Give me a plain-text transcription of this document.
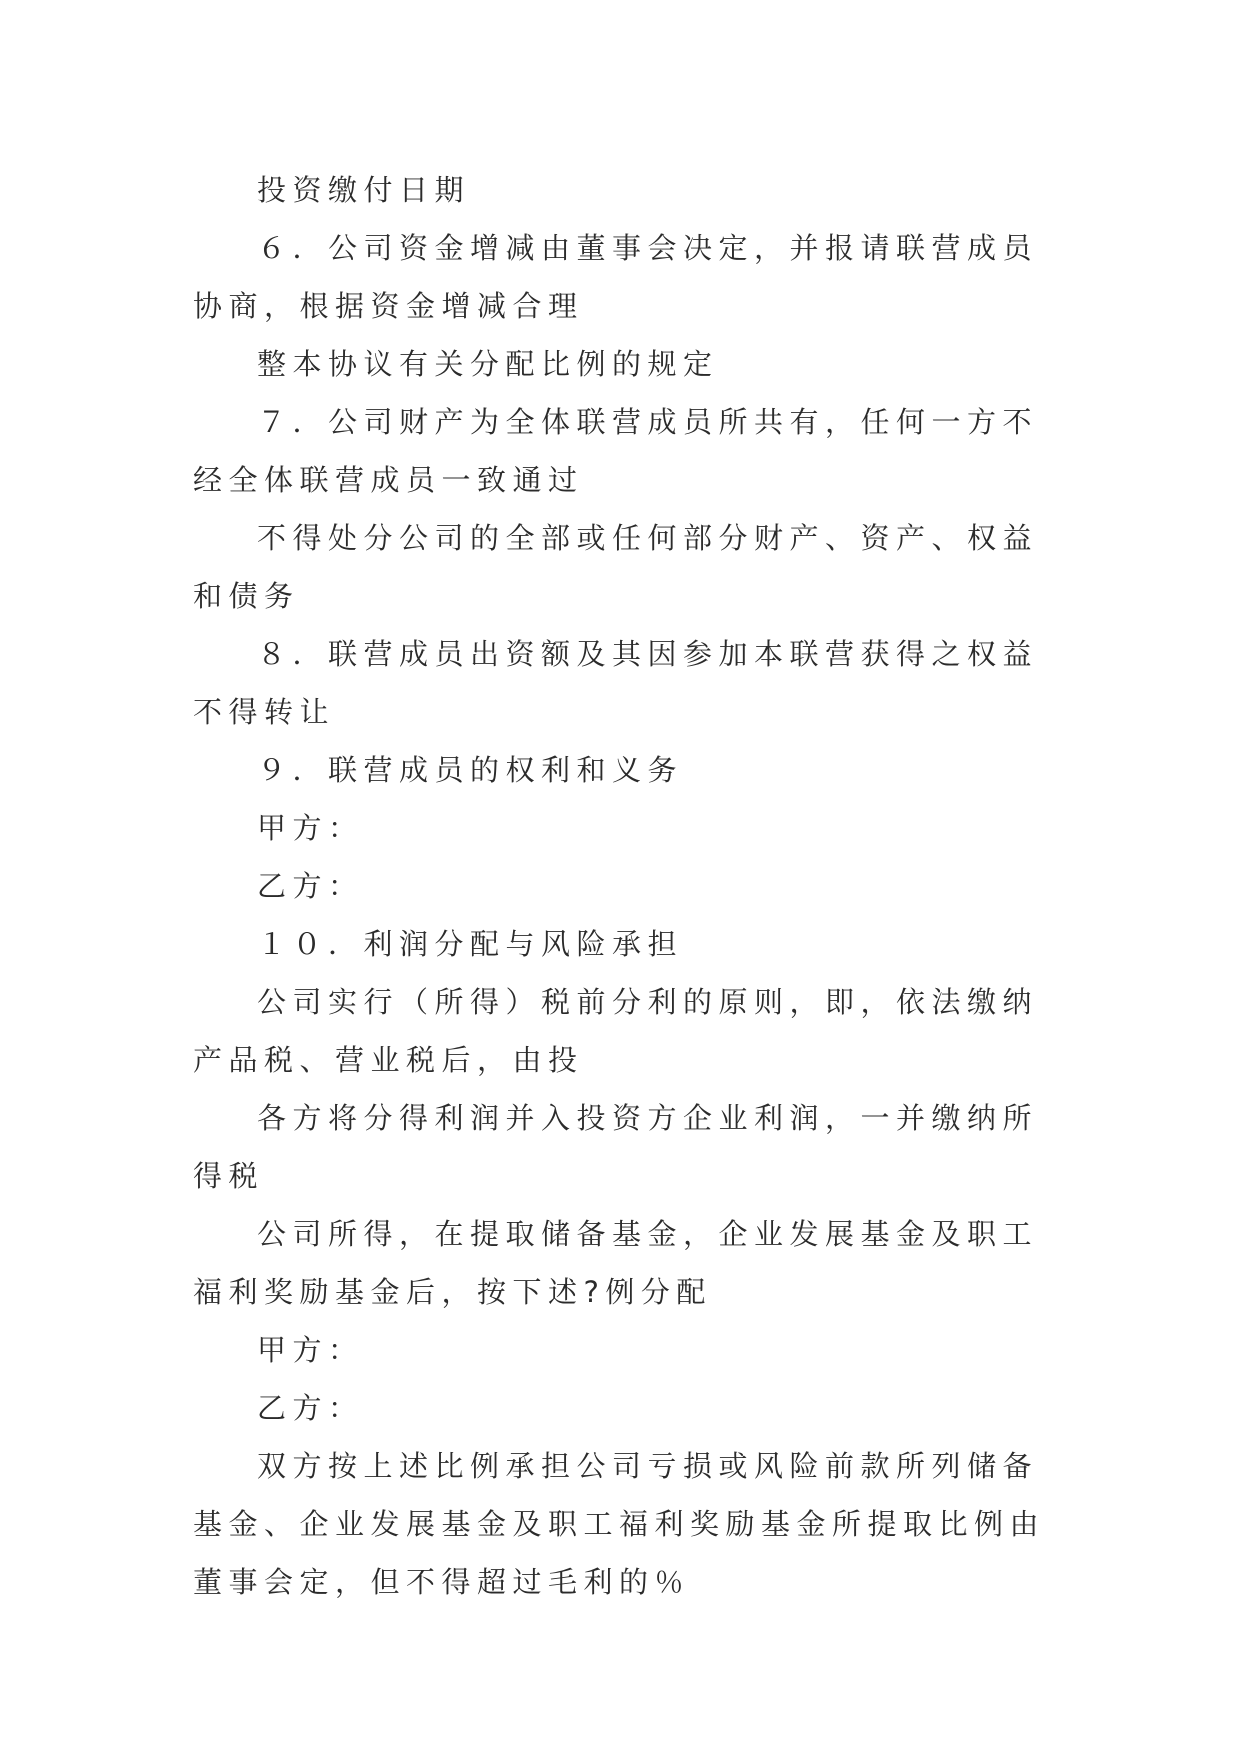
投资缴付日期

６．公司资金增减由董事会决定，并报请联营成员协商，根据资金增减合理

整本协议有关分配比例的规定

７．公司财产为全体联营成员所共有，任何一方不经全体联营成员一致通过

不得处分公司的全部或任何部分财产、资产、权益和债务

８．联营成员出资额及其因参加本联营获得之权益不得转让

９．联营成员的权利和义务

甲方：

乙方：

１０．利润分配与风险承担

公司实行（所得）税前分利的原则，即，依法缴纳产品税、营业税后，由投

各方将分得利润并入投资方企业利润，一并缴纳所得税

公司所得，在提取储备基金，企业发展基金及职工福利奖励基金后，按下述?例分配

甲方：

乙方：

双方按上述比例承担公司亏损或风险前款所列储备基金、企业发展基金及职工福利奖励基金所提取比例由董事会定，但不得超过毛利的％
